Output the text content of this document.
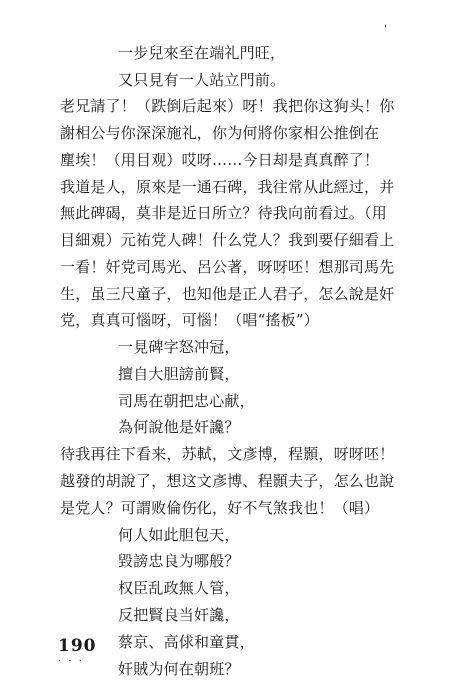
'
一步兒來至在端礼門旺，
又只見有一人站立門前。
老兄請了！（跌倒后起來）呀！我把你这狗头！你
謝相公与你深深施礼，你为何將你家相公推倒在
塵埃！（用目观）哎呀……今日却是真真醉了！
我道是人，原來是一通石碑，我往常从此經过，并
無此碑碣，莫非是近日所立？待我向前看过。（用
目細覌）元祐党人碑！什么党人？我到要仔細看上
一看！奸党司馬光、呂公著，呀呀呸！想那司馬先
生，虽三尺童子，也知他是正人君子，怎么說是奸
党，真真可惱呀，可惱！（唱“搖板”）
一見碑字怒冲冠，
擅自大胆謗前賢，
司馬在朝把忠心献，
為何說他是奸讒？
待我再往下看来，苏軾，文彥博，程顥，呀呀呸！
越發的胡說了，想这文彥博、程顥夫子，怎么也說
是党人？可謂败倫伤化，好不气煞我也！（唱）
何人如此胆包天，
毀謗忠良为哪般？
权臣乱政無人管，
反把賢良当奸讒，
蔡京、高俅和童貫，
奸賊为何在朝班？
190
· · ·
